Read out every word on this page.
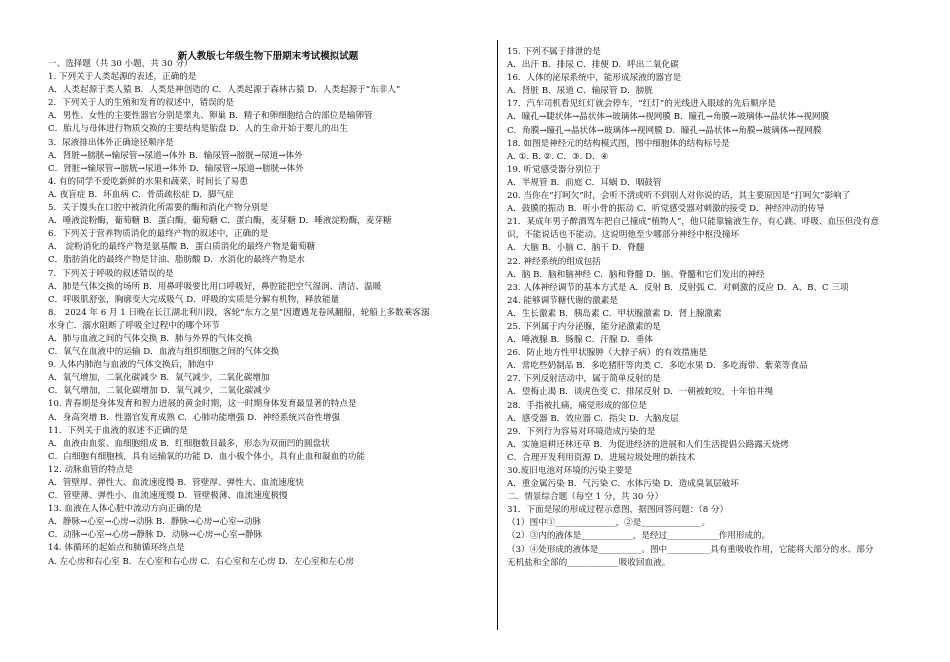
新人教版七年级生物下册期末考试模拟试题
一、选择题（共 30 小题，共 30 分）
1. 下列关于人类起源的表述，正确的是
A．人类起源于类人猿 B．人类是神创造的 C．人类起源于森林古猿 D．人类起源于“东非人”
2．下列关于人的生殖和发育的叙述中，错误的是
A．男性、女性的主要性器官分别是睾丸、卵巢 B．精子和卵细胞结合的部位是输卵管
C．胎儿与母体进行物质交换的主要结构是胎盘 D．人的生命开始于婴儿的出生
3．尿液排出体外正确途径顺序是
A．肾脏→膀胱→输尿管→尿道→体外 B．输尿管→膀胱→尿道→体外
C．肾脏→输尿管→膀胱→尿道→体外 D．输尿管→尿道→膀胱→体外
4. 有的同学不爱吃新鲜的水果和蔬菜，时间长了易患
A. 夜盲症 B．坏血病 C．骨质疏松症 D．脚气症
5．关于馒头在口腔中被消化所需要的酶和消化产物分别是
A．唾液淀粉酶，葡萄糖 B．蛋白酶，葡萄糖 C．蛋白酶，麦芽糖 D．唾液淀粉酶，麦芽糖
6．下列关于营养物质消化的最终产物的叙述中，正确的是
A． 淀粉消化的最终产物是氨基酸 B．蛋白质消化的最终产物是葡萄糖
C．脂肪消化的最终产物是甘油、脂肪酸 D．水消化的最终产物是水
7．下列关于呼吸的叙述错误的是
A．肺是气体交换的场所 B．用鼻呼吸要比用口呼吸好，鼻腔能把空气湿润、清洁、温暖
C．呼吸肌舒张，胸廓变大完成吸气 D．呼吸的实质是分解有机物，释放能量
8． 2024 年 6 月 1 日晚在长江湖北利川段，客轮“东方之星”因遭遇龙卷风翻船，轮船上多数乘客溺
水身亡．溺水阻断了呼吸全过程中的哪个环节
A．肺与血液之间的气体交换 B．肺与外界的气体交换
C．氧气在血液中的运输 D．血液与组织细胞之间的气体交换
9. 人体内肺泡与血液的气体交换后，肺泡中
A．氧气增加，二氧化碳减少 B．氧气减少，二氧化碳增加
C．氧气增加，二氧化碳增加 D．氧气减少，二氧化碳减少
10. 青春期是身体发育和智力进展的黄金时期，这一时期身体发育最显著的特点是
A．身高突增 B．性器官发育成熟 C．心肺功能增强 D．神经系统兴奋性增强
11．下列关于血液的叙述不正确的是
A．血液由血浆、血细胞组成 B．红细胞数目最多，形态为双面凹的圆盘状
C．白细胞有细胞核，具有运输氧的功能 D．血小板个体小，具有止血和凝血的功能
12. 动脉血管的特点是
A．管壁厚、弹性大、血流速度慢 B．管壁厚、弹性大、血流速度快
C．管壁薄、弹性小、血流速度慢 D．管壁极薄、血流速度极慢
13. 血液在人体心脏中流动方向正确的是
A．静脉→心室→心房→动脉 B．静脉→心房→心室→动脉
C．动脉→心室→心房→静脉 D．动脉→心房→心室→静脉
14. 体循环的起始点和肺循环终点是
A. 左心房和右心室 B．左心室和右心房 C．右心室和左心房 D．左心室和左心房
15. 下列不属于排泄的是
A．出汗 B．排尿 C．排便 D．呼出二氧化碳
16．人体的泌尿系统中，能形成尿液的器官是
A．肾脏 B．尿道 C．输尿管 D．膀胱
17．汽车司机看见红灯就会停车，“红灯”的光线进入眼球的先后顺序是
A．瞳孔→睫状体→晶状体→玻璃体→视网膜 B．瞳孔→角膜→玻璃体→晶状体→视网膜
C．角膜→瞳孔→晶状体→玻璃体→视网膜 D．瞳孔→晶状体→角膜→玻璃体→视网膜
18. 如图是神经元的结构模式图，图中细胞体的结构标号是
A. ①. B. ②. C．③. D．④
19. 听觉感受器分别位于
A．半规管 B．前庭 C．耳蜗 D．咽鼓管
20. 当你在“打呵欠”时，会听不清或听不到别人对你说的话，其主要原因是“打呵欠”影响了
A．鼓膜的振动 B．听小骨的振动 C．听觉感受器对刺激的接受 D．神经冲动的传导
21．某成年男子醉酒驾车把自己撞成“植物人”，他只能靠输液生存，有心跳、呼吸、血压但没有意
识，不能说话也不能动。这说明他至少哪部分神经中枢没撞坏
A．大脑 B．小脑 C．脑干 D．脊髓
22. 神经系统的组成包括
A．脑 B．脑和脑神经 C．脑和脊髓 D．脑、脊髓和它们发出的神经
23. 人体神经调节的基本方式是 A．反射 B．反射弧 C．对刺激的反应 D．A、B、C 三项
24. 能够调节糖代谢的激素是
A．生长激素 B．胰岛素 C．甲状腺激素 D．肾上腺激素
25. 下列属于内分泌腺，能分泌激素的是
A．唾液腺 B．肠腺 C．汗腺 D．垂体
26．防止地方性甲状腺肿（大脖子病）的有效措施是
A．常吃些奶制品 B．多吃猪肝等肉类 C．多吃水果 D．多吃海带、紫菜等食品
27. 下列反射活动中，属于简单反射的是
A．望梅止渴 B．谈虎色变 C．排尿反射 D．一朝被蛇咬，十年怕井绳
28．手指被扎痛，痛觉形成的部位是
A．感受器 B．效应器 C．指尖 D．大脑皮层
29．下列行为容易对环境造成污染的是
A．实施退耕还林还草 B．为促进经济的进展和人们生活提倡公路露天烧烤
C．合理开发利用资源 D．进展垃圾处理的新技术
30.废旧电池对环境的污染主要是
A．重金属污染 B．气污染 C．水体污染 D．造成臭氧层破坏
二．情景综合题（每空 1 分，共 30 分）
31．下面是尿的形成过程示意图，据图回答问题：（8 分）
（1）图中①______________，②是______________。
（2）③内的液体是____________，是经过____________作用形成的。
（3）④处形成的液体是__________。图中__________具有重吸收作用，它能将大部分的水、部分
无机盐和全部的____________吸收回血液。
